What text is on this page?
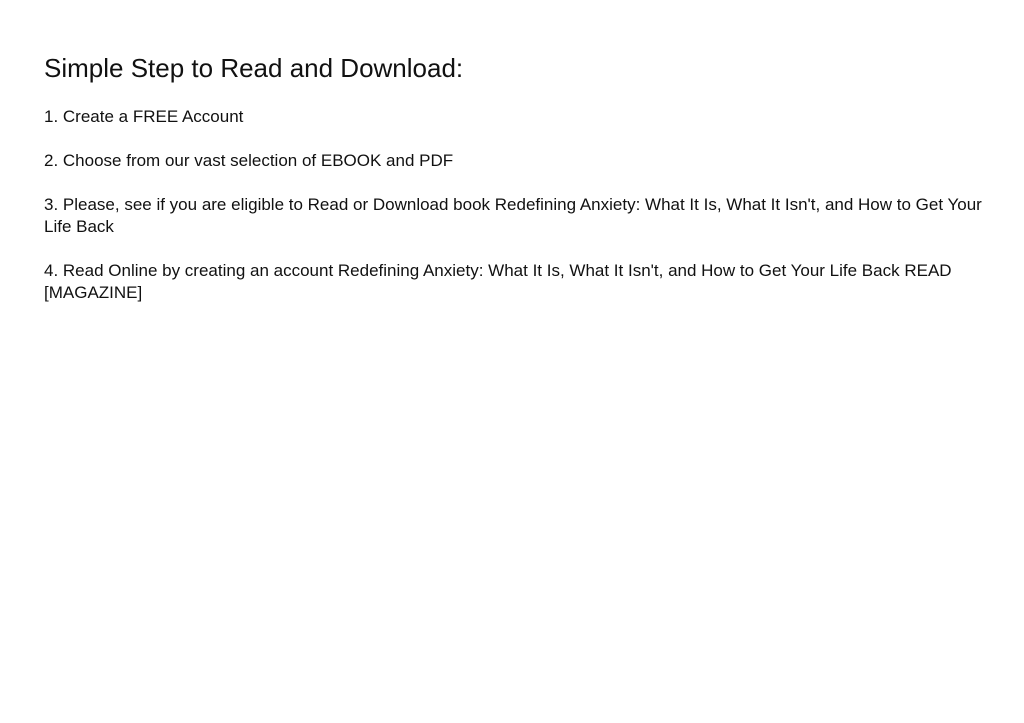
Simple Step to Read and Download:

1. Create a FREE Account

2. Choose from our vast selection of EBOOK and PDF

3. Please, see if you are eligible to Read or Download book Redefining Anxiety: What It Is, What It Isn't, and How to Get Your Life Back

4. Read Online by creating an account Redefining Anxiety: What It Is, What It Isn't, and How to Get Your Life Back READ [MAGAZINE]
